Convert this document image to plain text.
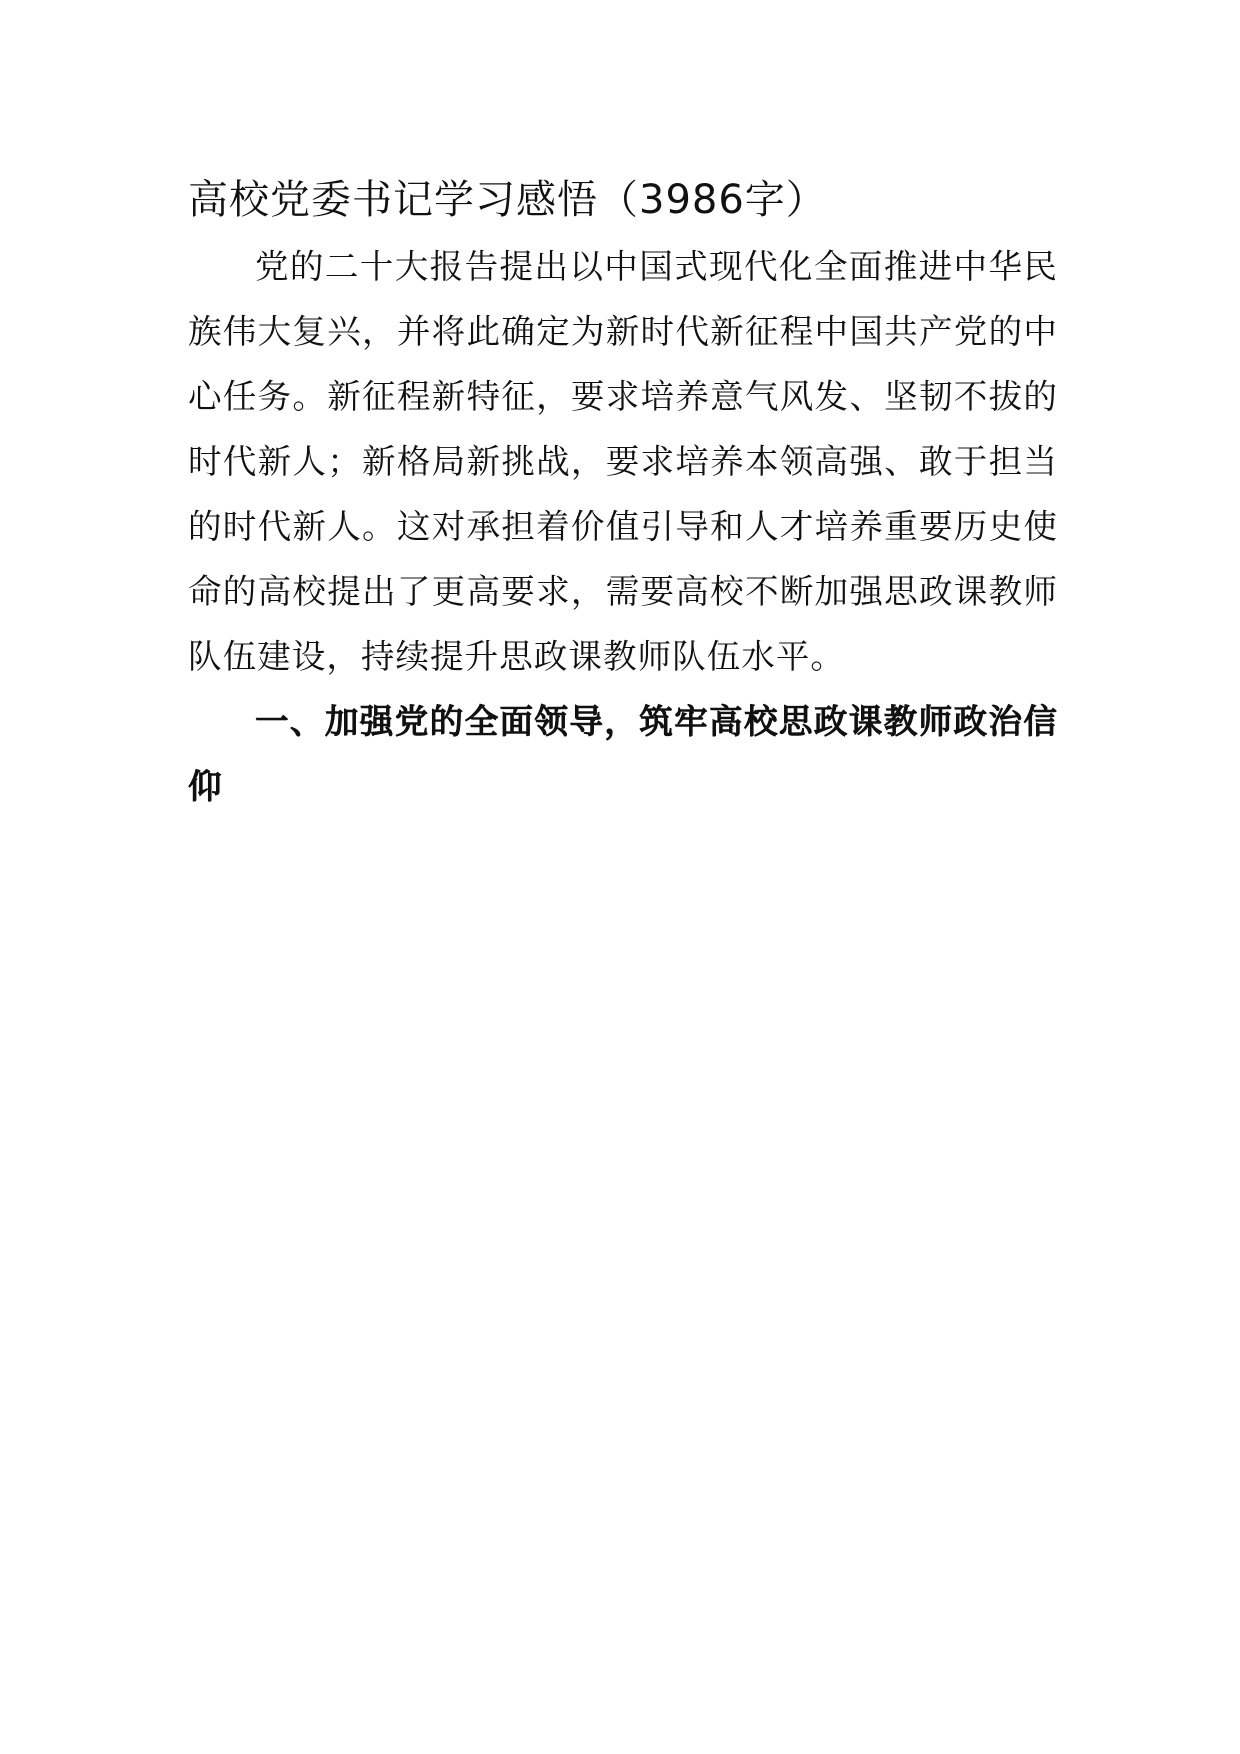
高校党委书记学习感悟（3986字）

党的二十大报告提出以中国式现代化全面推进中华民族伟大复兴，并将此确定为新时代新征程中国共产党的中心任务。新征程新特征，要求培养意气风发、坚韧不拔的时代新人；新格局新挑战，要求培养本领高强、敢于担当的时代新人。这对承担着价值引导和人才培养重要历史使命的高校提出了更高要求，需要高校不断加强思政课教师队伍建设，持续提升思政课教师队伍水平。

一、加强党的全面领导，筑牢高校思政课教师政治信仰
